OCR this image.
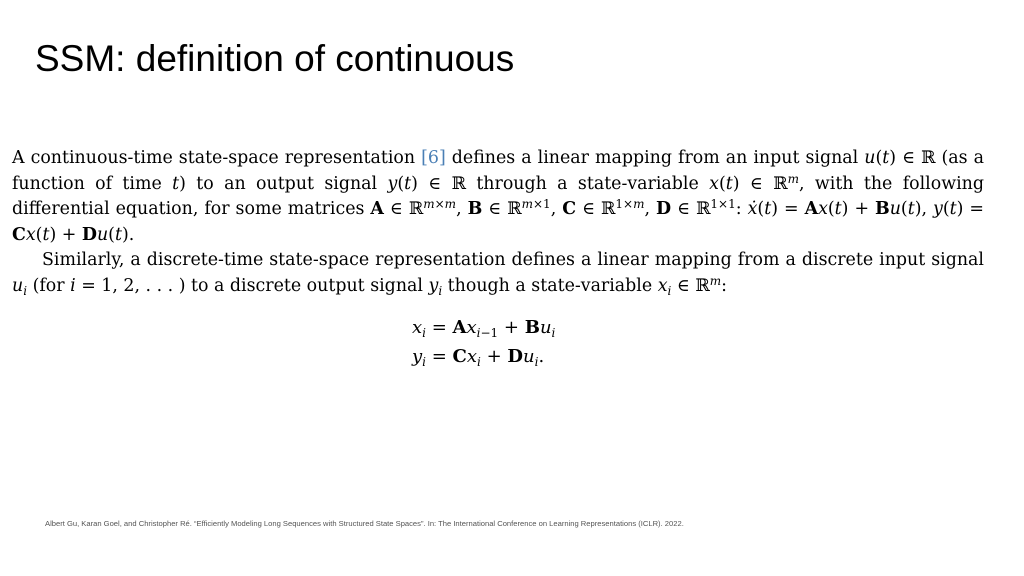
SSM: definition of continuous

A continuous-time state-space representation [6] defines a linear mapping from an input signal u(t) ∈ ℝ (as a function of time t) to an output signal y(t) ∈ ℝ through a state-variable x(t) ∈ ℝ$^m$, with the following differential equation, for some matrices A ∈ ℝ$^{m\times m}$, B ∈ ℝ$^{m\times 1}$, C ∈ ℝ$^{1\times m}$, D ∈ ℝ$^{1\times 1}$: ẋ(t) = Ax(t) + Bu(t), y(t) = Cx(t) + Du(t).

Similarly, a discrete-time state-space representation defines a linear mapping from a discrete input signal $u_i$ (for i = 1, 2, . . . ) to a discrete output signal $y_i$ though a state-variable $x_i$ ∈ ℝ$^m$:

$x_i = Ax_{i-1} + Bu_i$
$y_i = Cx_i + Du_i$.
Albert Gu, Karan Goel, and Christopher Ré. “Efficiently Modeling Long Sequences with Structured State Spaces”. In: The International Conference on Learning Representations (ICLR). 2022.
